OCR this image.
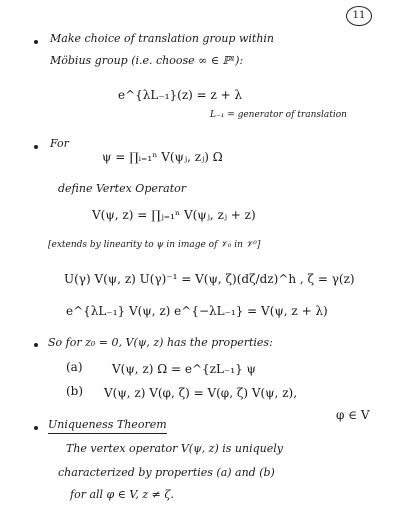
11
Make choice of translation group within
Möbius group (i.e. choose ∞ ∈ ℙ¹):
e^{λL₋₁}(z) = z + λ
L₋₁ = generator of translation
For
ψ = ∏ᵢ₌₁ⁿ V(ψⱼ, zⱼ) Ω
define Vertex Operator
V(ψ, z) = ∏ⱼ₌₁ⁿ V(ψⱼ, zⱼ + z)
[extends by linearity to ψ in image of 𝒱₀ in 𝒱⁰]
U(γ) V(ψ, z) U(γ)⁻¹ = V(ψ, ζ)(dζ/dz)^h , ζ = γ(z)
e^{λL₋₁} V(ψ, z) e^{−λL₋₁} = V(ψ, z + λ)
So for z₀ = 0, V(ψ, z) has the properties:
(a) V(ψ, z) Ω = e^{zL₋₁} ψ
(b) V(ψ, z) V(φ, ζ) = V(φ, ζ) V(ψ, z),
φ ∈ V
Uniqueness Theorem
The vertex operator V(ψ, z) is uniquely
characterized by properties (a) and (b)
for all φ ∈ V, z ≠ ζ.
